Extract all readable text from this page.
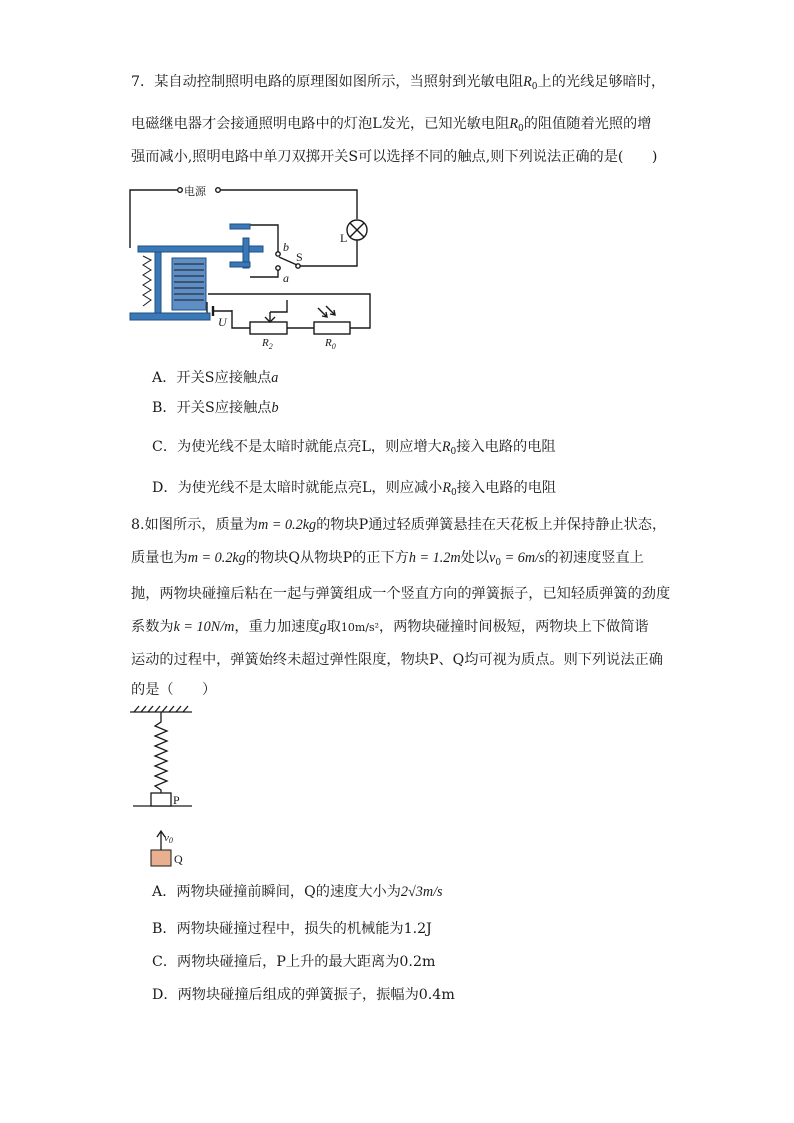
7．某自动控制照明电路的原理图如图所示，当照射到光敏电阻$R_0$上的光线足够暗时，
电磁继电器才会接通照明电路中的灯泡L发光，已知光敏电阻$R_0$的阻值随着光照的增
强而减小,照明电路中单刀双掷开关S可以选择不同的触点,则下列说法正确的是(　　)
电源
L
S
b
a
U
$R_2$	$R_0$
A．开关S应接触点a
B．开关S应接触点b
C．为使光线不是太暗时就能点亮L，则应增大$R_0$接入电路的电阻
D．为使光线不是太暗时就能点亮L，则应减小$R_0$接入电路的电阻
8.如图所示，质量为m = 0.2kg的物块P通过轻质弹簧悬挂在天花板上并保持静止状态，
质量也为m = 0.2kg的物块Q从物块P的正下方h = 1.2m处以$v_0 = 6m/s$的初速度竖直上
抛，两物块碰撞后粘在一起与弹簧组成一个竖直方向的弹簧振子，已知轻质弹簧的劲度
系数为k = 10N/m，重力加速度g取10m/s²，两物块碰撞时间极短，两物块上下做简谐
运动的过程中，弹簧始终未超过弹性限度，物块P、Q均可视为质点。则下列说法正确
的是（　　）
P
Q
v0
A．两物块碰撞前瞬间，Q的速度大小为2√3m/s
B．两物块碰撞过程中，损失的机械能为1.2J
C．两物块碰撞后，P上升的最大距离为0.2m
D．两物块碰撞后组成的弹簧振子，振幅为0.4m
